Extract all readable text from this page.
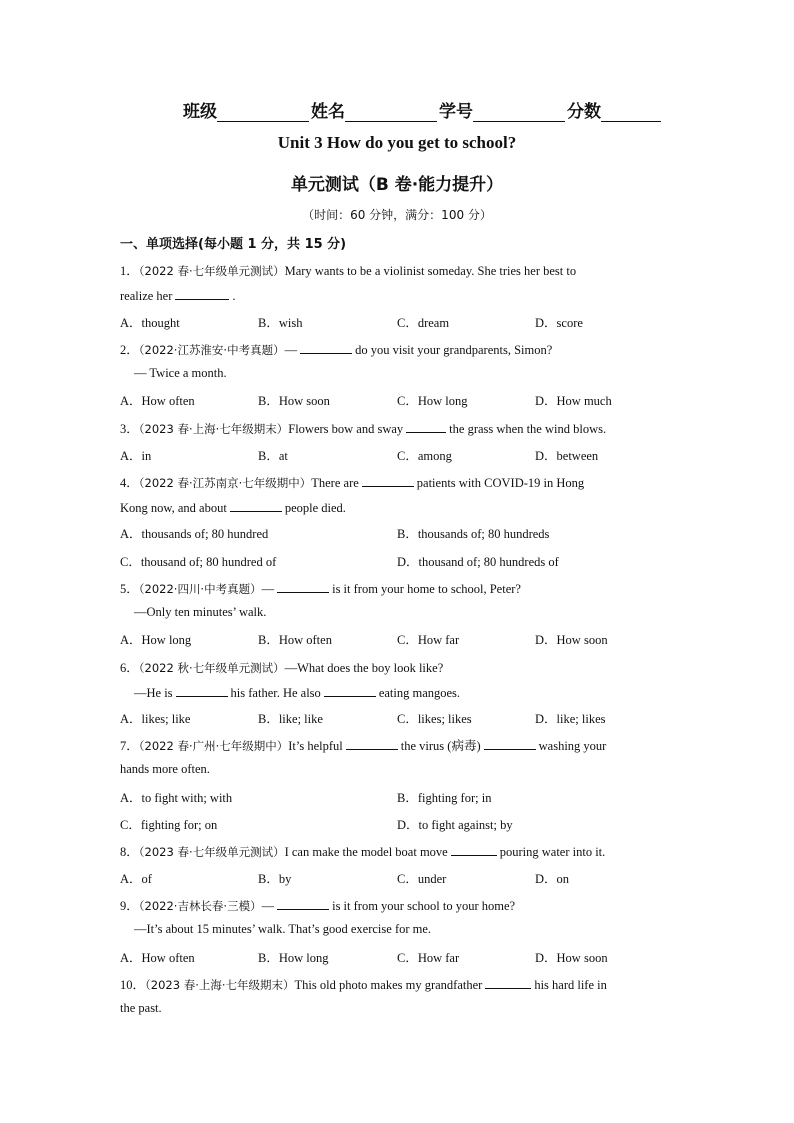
班级	姓名	学号	分数
Unit 3 How do you get to school?
单元测试（B 卷·能力提升）
（时间：60 分钟，满分：100 分）
一、单项选择(每小题 1 分，共 15 分)
1．（2022 春·七年级单元测试）Mary wants to be a violinist someday. She tries her best to
realize her	.
A．thought	B．wish	C．dream	D．score
2．（2022·江苏淮安·中考真题）—	do you visit your grandparents, Simon?
— Twice a month.
A．How often	B．How soon	C．How long	D．How much
3．（2023 春·上海·七年级期末）Flowers bow and sway	the grass when the wind blows.
A．in	B．at	C．among	D．between
4．（2022 春·江苏南京·七年级期中）There are	patients with COVID-19 in Hong
Kong now, and about	people died.
A．thousands of; 80 hundred	B．thousands of; 80 hundreds
C．thousand of; 80 hundred of	D．thousand of; 80 hundreds of
5．（2022·四川·中考真题）—	is it from your home to school, Peter?
—Only ten minutes’ walk.
A．How long	B．How often	C．How far	D．How soon
6．（2022 秋·七年级单元测试）—What does the boy look like?
—He is	his father. He also	eating mangoes.
A．likes; like	B．like; like	C．likes; likes	D．like; likes
7．（2022 春·广州·七年级期中）It’s helpful	the virus (病毒)	washing your
hands more often.
A．to fight with; with	B．fighting for; in
C．fighting for; on	D．to fight against; by
8．（2023 春·七年级单元测试）I can make the model boat move	pouring water into it.
A．of	B．by	C．under	D．on
9．（2022·吉林长春·三模）—	is it from your school to your home?
—It’s about 15 minutes’ walk. That’s good exercise for me.
A．How often	B．How long	C．How far	D．How soon
10．（2023 春·上海·七年级期末）This old photo makes my grandfather	his hard life in
the past.
